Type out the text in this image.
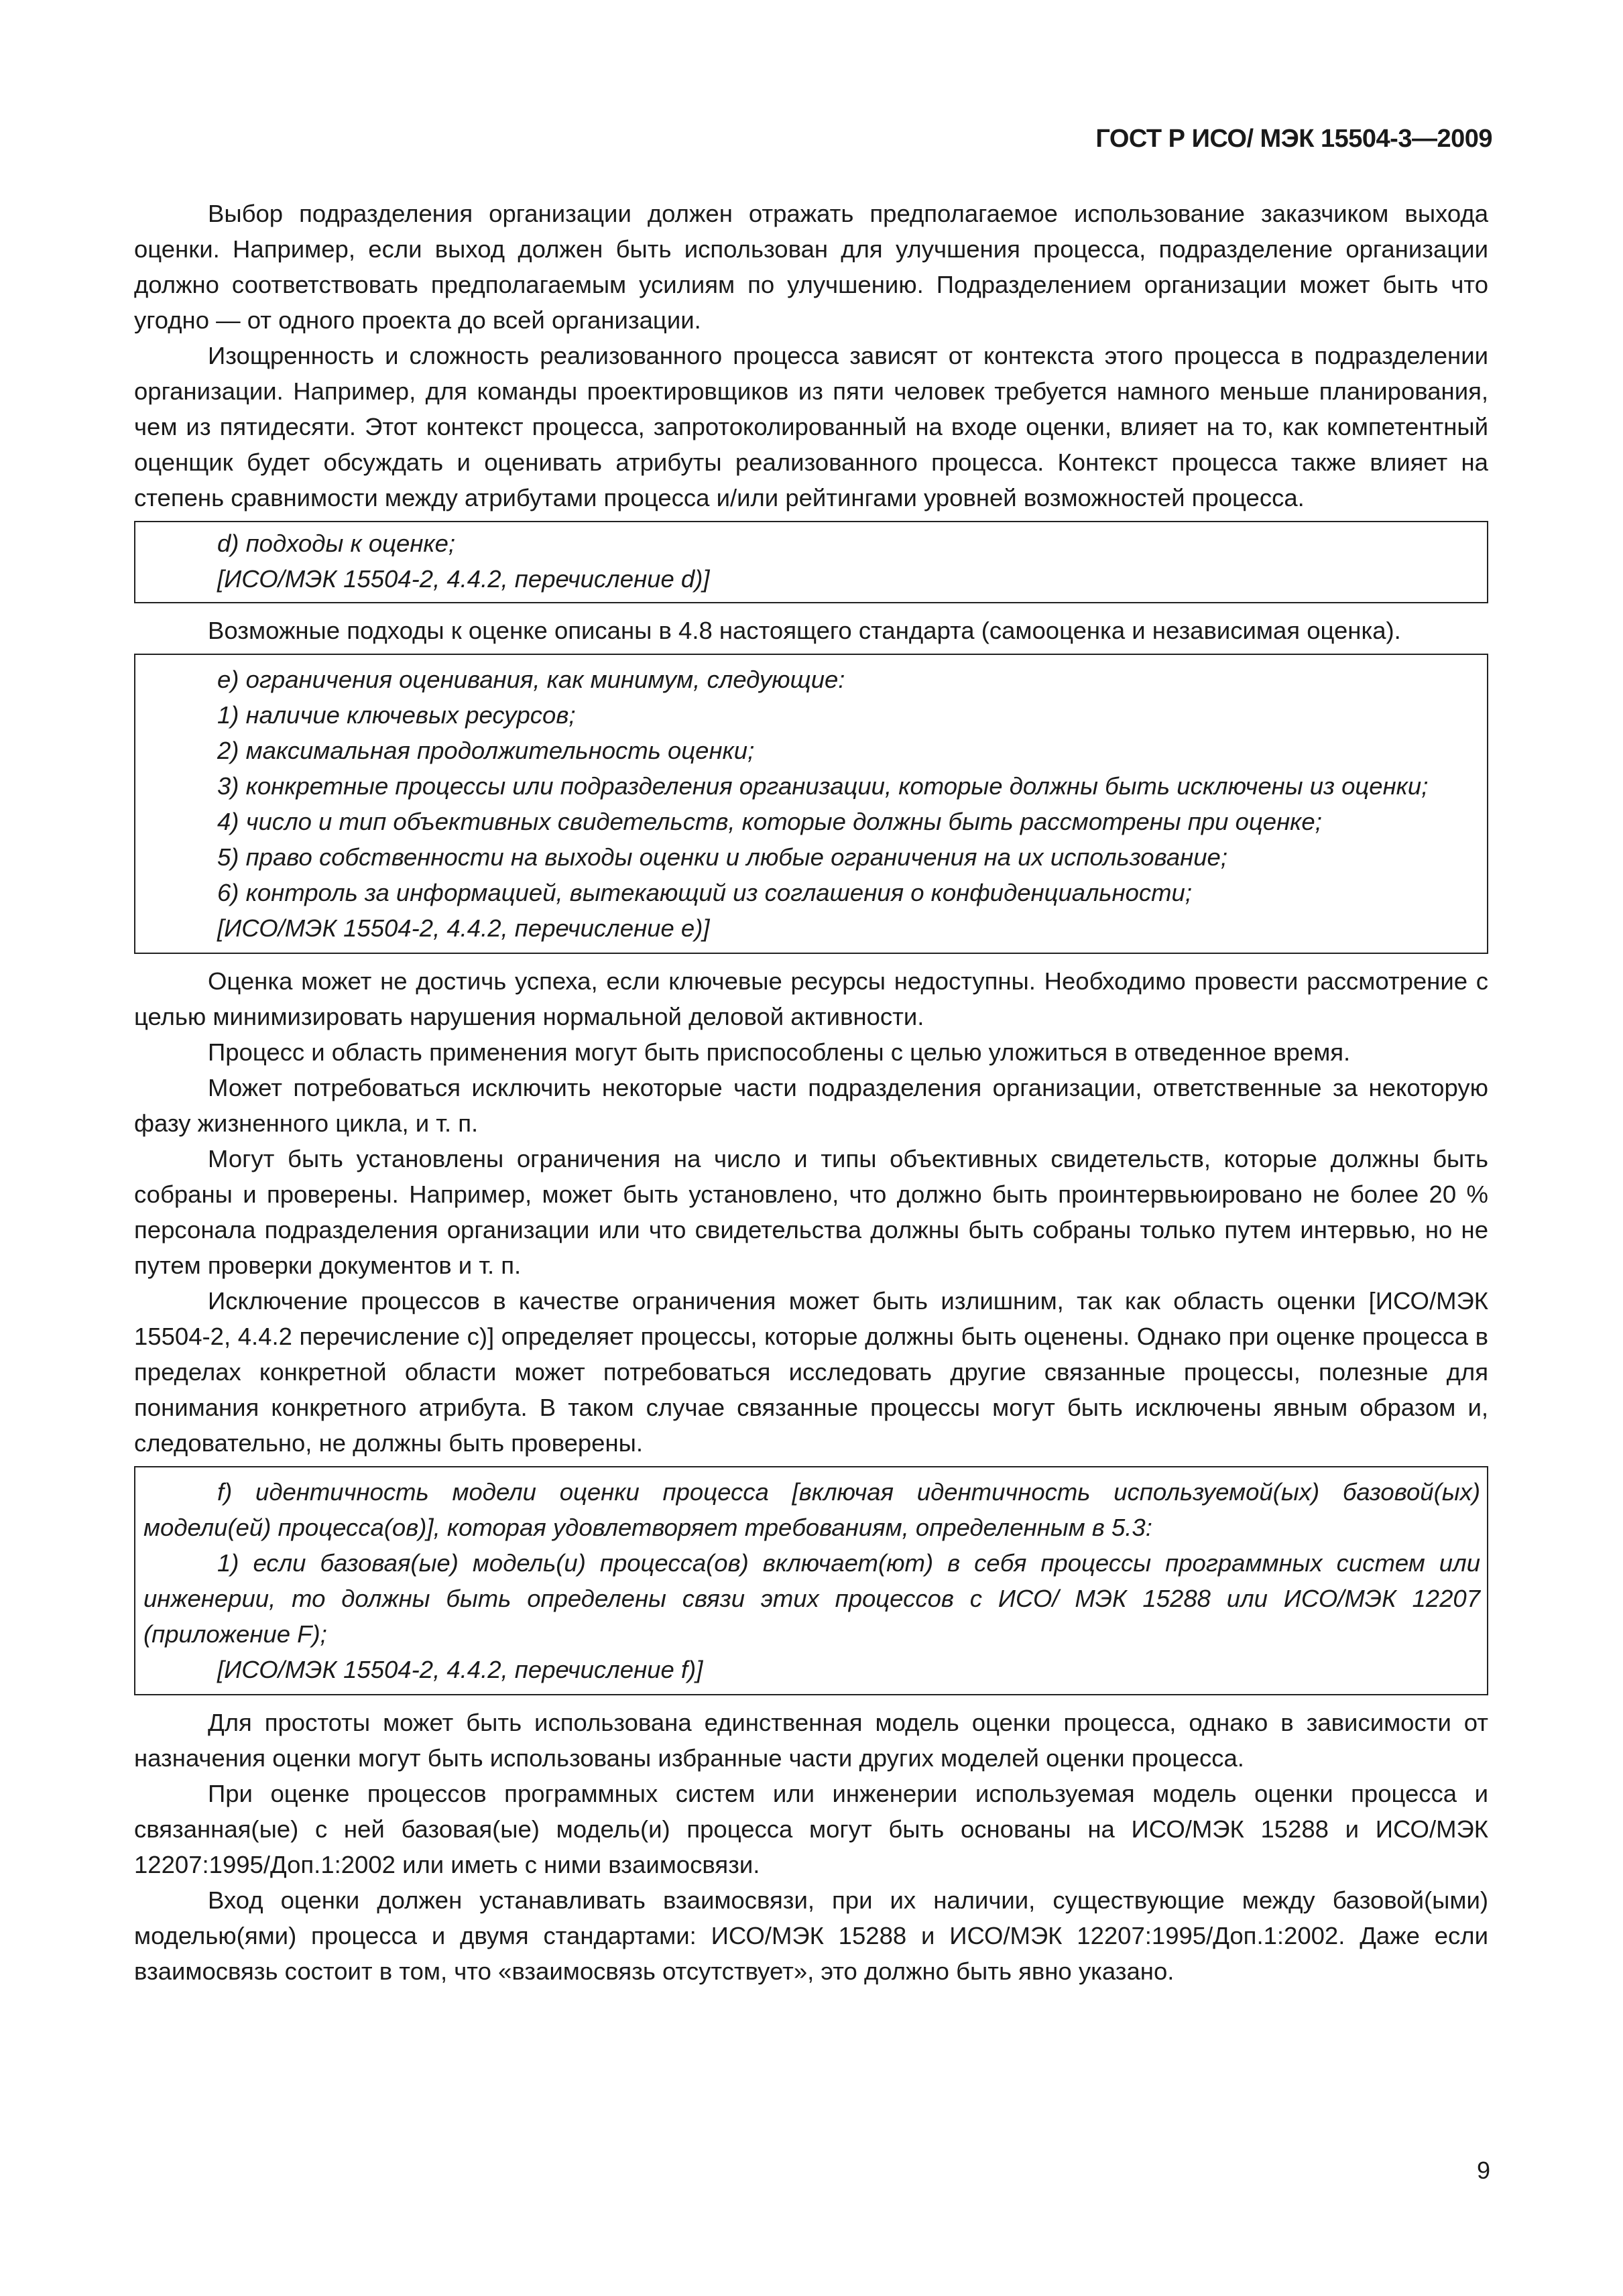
ГОСТ Р ИСО/ МЭК 15504-3—2009

Выбор подразделения организации должен отражать предполагаемое использование заказчиком выхода оценки. Например, если выход должен быть использован для улучшения процесса, подразделение организации должно соответствовать предполагаемым усилиям по улучшению. Подразделением организации может быть что угодно — от одного проекта до всей организации.

Изощренность и сложность реализованного процесса зависят от контекста этого процесса в подразделении организации. Например, для команды проектировщиков из пяти человек требуется намного меньше планирования, чем из пятидесяти. Этот контекст процесса, запротоколированный на входе оценки, влияет на то, как компетентный оценщик будет обсуждать и оценивать атрибуты реализованного процесса. Контекст процесса также влияет на степень сравнимости между атрибутами процесса и/или рейтингами уровней возможностей процесса.

d) подходы к оценке;

[ИСО/МЭК 15504-2, 4.4.2, перечисление d)]

Возможные подходы к оценке описаны в 4.8 настоящего стандарта (самооценка и независимая оценка).

е) ограничения оценивания, как минимум, следующие:

1) наличие ключевых ресурсов;

2) максимальная продолжительность оценки;

3) конкретные процессы или подразделения организации, которые должны быть исключены из оценки;

4) число и тип объективных свидетельств, которые должны быть рассмотрены при оценке;

5) право собственности на выходы оценки и любые ограничения на их использование;

6) контроль за информацией, вытекающий из соглашения о конфиденциальности;

[ИСО/МЭК 15504-2, 4.4.2, перечисление е)]

Оценка может не достичь успеха, если ключевые ресурсы недоступны. Необходимо провести рассмотрение с целью минимизировать нарушения нормальной деловой активности.

Процесс и область применения могут быть приспособлены с целью уложиться в отведенное время.

Может потребоваться исключить некоторые части подразделения организации, ответственные за некоторую фазу жизненного цикла, и т. п.

Могут быть установлены ограничения на число и типы объективных свидетельств, которые должны быть собраны и проверены. Например, может быть установлено, что должно быть проинтервьюировано не более 20 % персонала подразделения организации или что свидетельства должны быть собраны только путем интервью, но не путем проверки документов и т. п.

Исключение процессов в качестве ограничения может быть излишним, так как область оценки [ИСО/МЭК 15504-2, 4.4.2 перечисление с)] определяет процессы, которые должны быть оценены. Однако при оценке процесса в пределах конкретной области может потребоваться исследовать другие связанные процессы, полезные для понимания конкретного атрибута. В таком случае связанные процессы могут быть исключены явным образом и, следовательно, не должны быть проверены.

f) идентичность модели оценки процесса [включая идентичность используемой(ых) базовой(ых) модели(ей) процесса(ов)], которая удовлетворяет требованиям, определенным в 5.3:

1) если базовая(ые) модель(и) процесса(ов) включает(ют) в себя процессы программных систем или инженерии, то должны быть определены связи этих процессов с ИСО/ МЭК 15288 или ИСО/МЭК 12207 (приложение F);

[ИСО/МЭК 15504-2, 4.4.2, перечисление f)]

Для простоты может быть использована единственная модель оценки процесса, однако в зависимости от назначения оценки могут быть использованы избранные части других моделей оценки процесса.

При оценке процессов программных систем или инженерии используемая модель оценки процесса и связанная(ые) с ней базовая(ые) модель(и) процесса могут быть основаны на ИСО/МЭК 15288 и ИСО/МЭК 12207:1995/Доп.1:2002 или иметь с ними взаимосвязи.

Вход оценки должен устанавливать взаимосвязи, при их наличии, существующие между базовой(ыми) моделью(ями) процесса и двумя стандартами: ИСО/МЭК 15288 и ИСО/МЭК 12207:1995/Доп.1:2002. Даже если взаимосвязь состоит в том, что «взаимосвязь отсутствует», это должно быть явно указано.

9
